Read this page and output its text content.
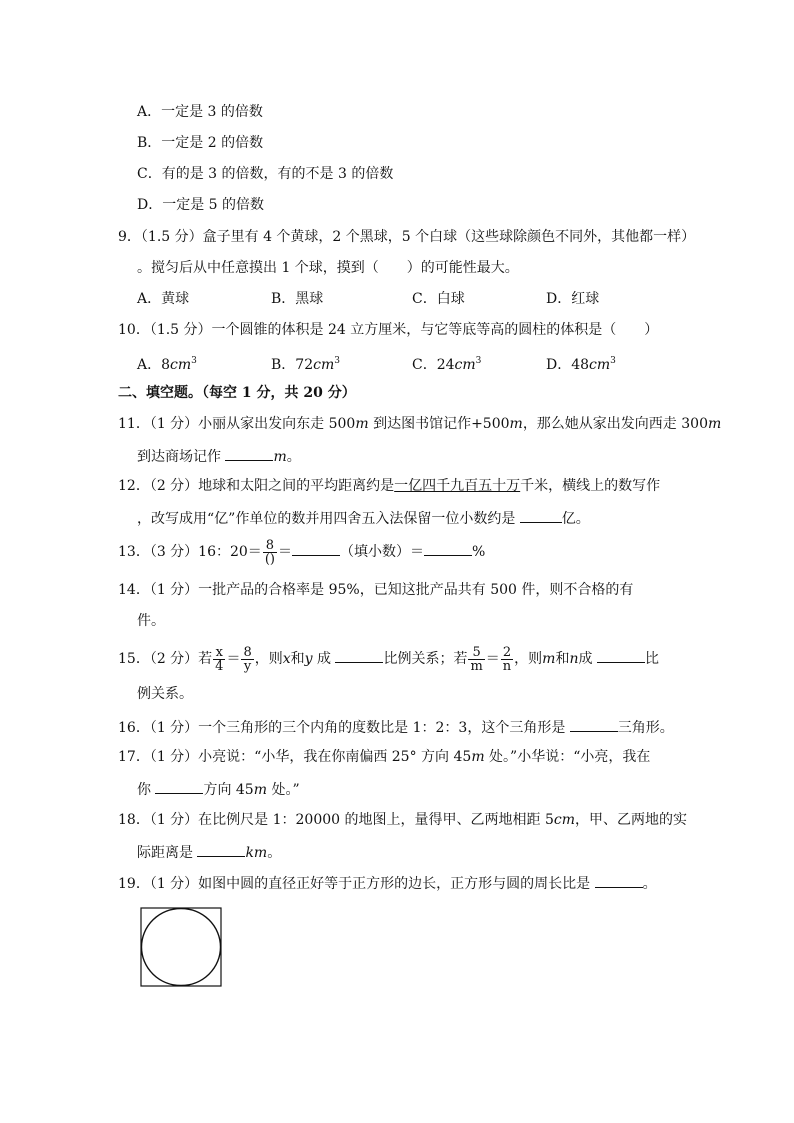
A．一定是 3 的倍数
B．一定是 2 的倍数
C．有的是 3 的倍数，有的不是 3 的倍数
D．一定是 5 的倍数
9．（1.5 分）盒子里有 4 个黄球，2 个黑球，5 个白球（这些球除颜色不同外，其他都一样）
。搅匀后从中任意摸出 1 个球，摸到（　　）的可能性最大。
A．黄球	B．黑球	C．白球	D．红球
10．（1.5 分）一个圆锥的体积是 24 立方厘米，与它等底等高的圆柱的体积是（　　）
A．$8cm^3$	B．$72cm^3$	C．$24cm^3$	D．$48cm^3$
二、填空题。（每空 1 分，共 20 分）
11．（1 分）小丽从家出发向东走 500m 到达图书馆记作+500m，那么她从家出发向西走 300m
到达商场记作	m。
12．（2 分）地球和太阳之间的平均距离约是一亿四千九百五十万千米，横线上的数写作
，改写成用“亿”作单位的数并用四舍五入法保留一位小数约是	亿。
13．（3 分）16：$20= \frac{8}{()}$ ＝	（填小数）＝	%
14．（1 分）一批产品的合格率是 95%，已知这批产品共有 500 件，则不合格的有
件。
15．（2 分）若 $\frac{x}{4} = \frac{8}{y}$ ，则x和y 成	比例关系；若 $\frac{5}{m} = \frac{2}{n}$ ，则m和n成	比
例关系。
16．（1 分）一个三角形的三个内角的度数比是 1：2：3，这个三角形是	三角形。
17．（1 分）小亮说：“小华，我在你南偏西 25° 方向 45m 处。”小华说：“小亮，我在
你	方向 45m 处。”
18．（1 分）在比例尺是 1：20000 的地图上，量得甲、乙两地相距 5cm，甲、乙两地的实
际距离是	km。
19．（1 分）如图中圆的直径正好等于正方形的边长，正方形与圆的周长比是	。
